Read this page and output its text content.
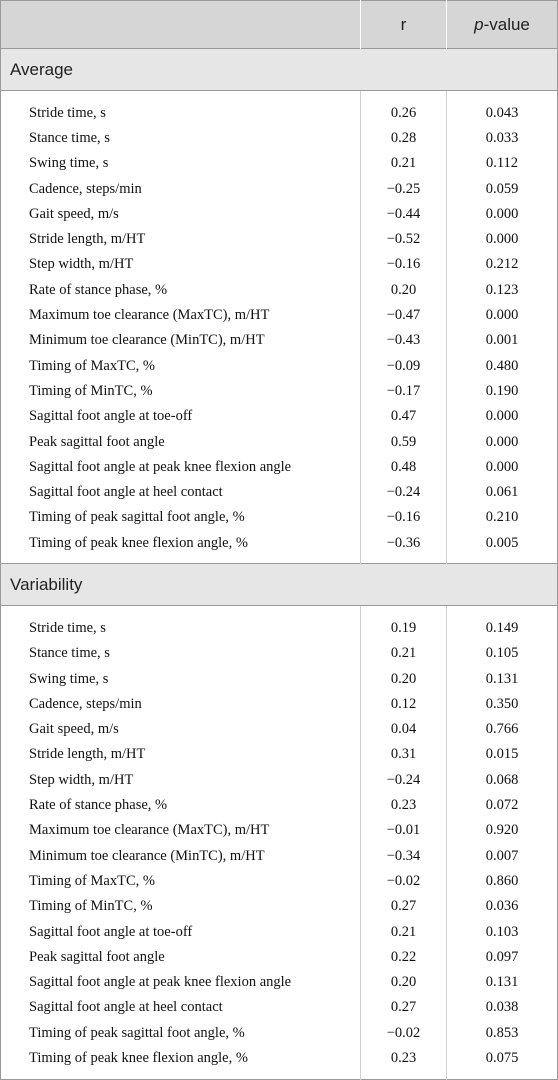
	r	p-value
Average		

Stride time, s	0.26	0.043
Stance time, s	0.28	0.033
Swing time, s	0.21	0.112
Cadence, steps/min	−0.25	0.059
Gait speed, m/s	−0.44	0.000
Stride length, m/HT	−0.52	0.000
Step width, m/HT	−0.16	0.212
Rate of stance phase, %	0.20	0.123
Maximum toe clearance (MaxTC), m/HT	−0.47	0.000
Minimum toe clearance (MinTC), m/HT	−0.43	0.001
Timing of MaxTC, %	−0.09	0.480
Timing of MinTC, %	−0.17	0.190
Sagittal foot angle at toe-off	0.47	0.000
Peak sagittal foot angle	0.59	0.000
Sagittal foot angle at peak knee flexion angle	0.48	0.000
Sagittal foot angle at heel contact	−0.24	0.061
Timing of peak sagittal foot angle, %	−0.16	0.210
Timing of peak knee flexion angle, %	−0.36	0.005

Variability		

Stride time, s	0.19	0.149
Stance time, s	0.21	0.105
Swing time, s	0.20	0.131
Cadence, steps/min	0.12	0.350
Gait speed, m/s	0.04	0.766
Stride length, m/HT	0.31	0.015
Step width, m/HT	−0.24	0.068
Rate of stance phase, %	0.23	0.072
Maximum toe clearance (MaxTC), m/HT	−0.01	0.920
Minimum toe clearance (MinTC), m/HT	−0.34	0.007
Timing of MaxTC, %	−0.02	0.860
Timing of MinTC, %	0.27	0.036
Sagittal foot angle at toe-off	0.21	0.103
Peak sagittal foot angle	0.22	0.097
Sagittal foot angle at peak knee flexion angle	0.20	0.131
Sagittal foot angle at heel contact	0.27	0.038
Timing of peak sagittal foot angle, %	−0.02	0.853
Timing of peak knee flexion angle, %	0.23	0.075
